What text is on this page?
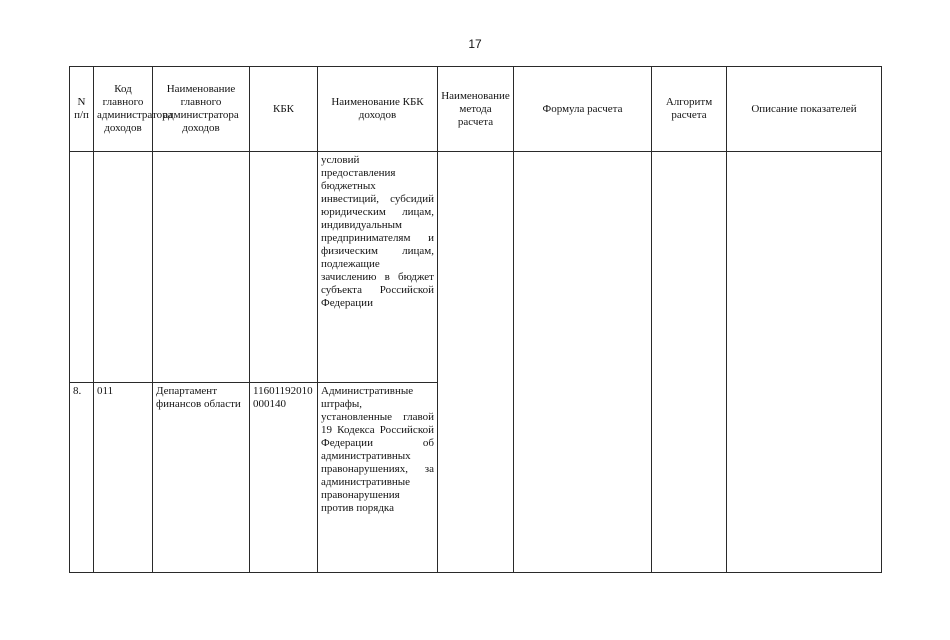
17
N п/п	Код главного администратора доходов	Наименование главного администратора доходов	КБК	Наименование КБК доходов	Наименование метода расчета	Формула расчета	Алгоритм расчета	Описание показателей
				условий предоставления бюджетных инвестиций, субсидий юридическим лицам, индивидуальным предпринимателям и физическим лицам, подлежащие зачислению в бюджет субъекта Российской Федерации				
8.	011	Департамент финансов области	11601192010000140	Административные штрафы, установленные главой 19 Кодекса Российской Федерации об административных правонарушениях, за административные правонарушения против порядка				
